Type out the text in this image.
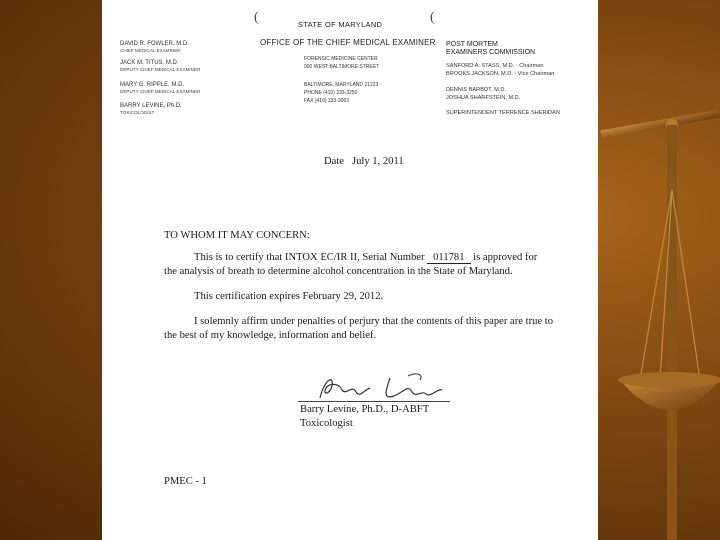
(	(
STATE OF MARYLAND
OFFICE OF THE CHIEF MEDICAL EXAMINER
FORENSIC MEDICINE CENTER
900 WEST BALTIMORE STREET
BALTIMORE, MARYLAND 21223
PHONE (410) 333-3250
FAX (410) 333-3063
DAVID R. FOWLER, M.D.
CHIEF MEDICAL EXAMINER
JACK M. TITUS, M.D.
DEPUTY CHIEF MEDICAL EXAMINER
MARY G. RIPPLE, M.D.
DEPUTY CHIEF MEDICAL EXAMINER
BARRY LEVINE, Ph.D.
TOXICOLOGIST
POST MORTEM
EXAMINERS COMMISSION
SANFORD A. STASS, M.D. - Chairman
BROOKS JACKSON, M.D. - Vice Chairman
DENNIS BARBOT, M.D.
JOSHUA SHARFSTEIN, M.D.
SUPERINTENDENT TERRENCE SHERIDAN
Date July 1, 2011
TO WHOM IT MAY CONCERN:
This is to certify that INTOX EC/IR II, Serial Number 011781 is approved for
the analysis of breath to determine alcohol concentration in the State of Maryland.
This certification expires February 29, 2012.
I solemnly affirm under penalties of perjury that the contents of this paper are true to
the best of my knowledge, information and belief.
Barry Levine, Ph.D., D-ABFT
Toxicologist
PMEC - 1
